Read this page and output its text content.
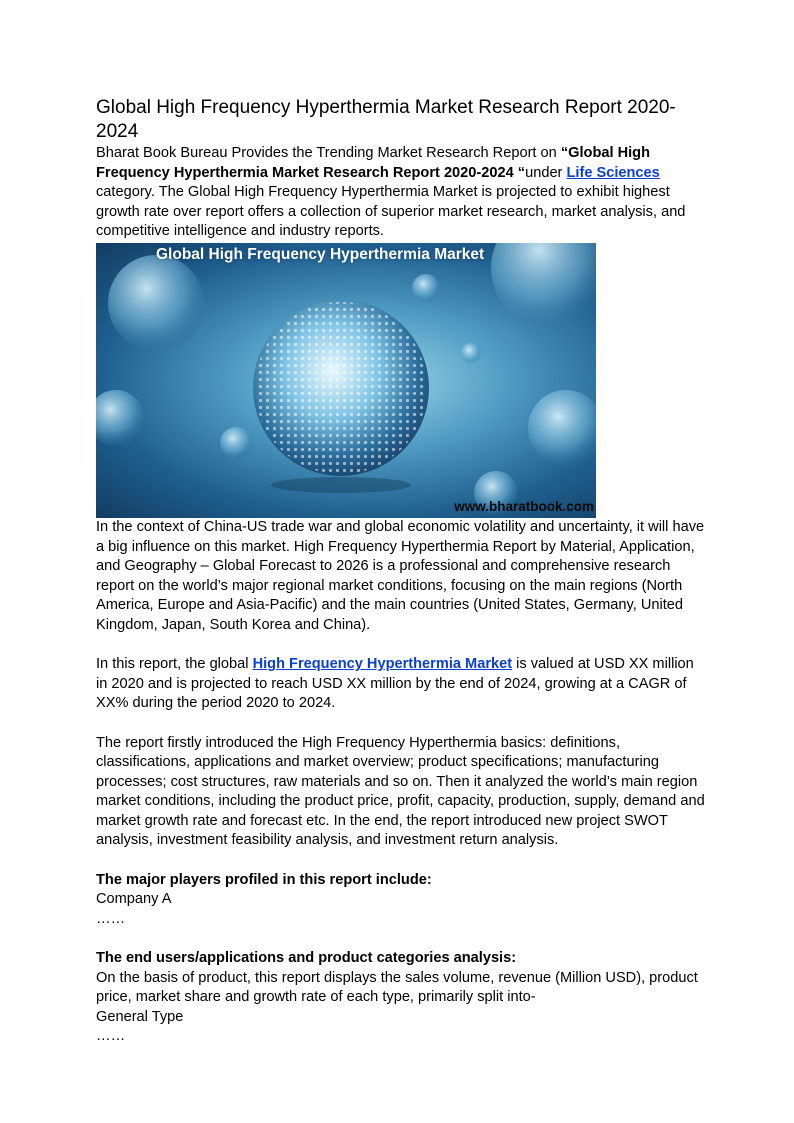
Global High Frequency Hyperthermia Market Research Report 2020-2024

Bharat Book Bureau Provides the Trending Market Research Report on “Global High Frequency Hyperthermia Market Research Report 2020-2024 “under Life Sciences category. The Global High Frequency Hyperthermia Market is projected to exhibit highest growth rate over report offers a collection of superior market research, market analysis, and competitive intelligence and industry reports.

Global High Frequency Hyperthermia Market
www.bharatbook.com

In the context of China-US trade war and global economic volatility and uncertainty, it will have a big influence on this market. High Frequency Hyperthermia Report by Material, Application, and Geography – Global Forecast to 2026 is a professional and comprehensive research report on the world’s major regional market conditions, focusing on the main regions (North America, Europe and Asia-Pacific) and the main countries (United States, Germany, United Kingdom, Japan, South Korea and China).

In this report, the global High Frequency Hyperthermia Market is valued at USD XX million in 2020 and is projected to reach USD XX million by the end of 2024, growing at a CAGR of XX% during the period 2020 to 2024.

The report firstly introduced the High Frequency Hyperthermia basics: definitions, classifications, applications and market overview; product specifications; manufacturing processes; cost structures, raw materials and so on. Then it analyzed the world’s main region market conditions, including the product price, profit, capacity, production, supply, demand and market growth rate and forecast etc. In the end, the report introduced new project SWOT analysis, investment feasibility analysis, and investment return analysis.

The major players profiled in this report include:

Company A

……

The end users/applications and product categories analysis:

On the basis of product, this report displays the sales volume, revenue (Million USD), product price, market share and growth rate of each type, primarily split into-

General Type

……
